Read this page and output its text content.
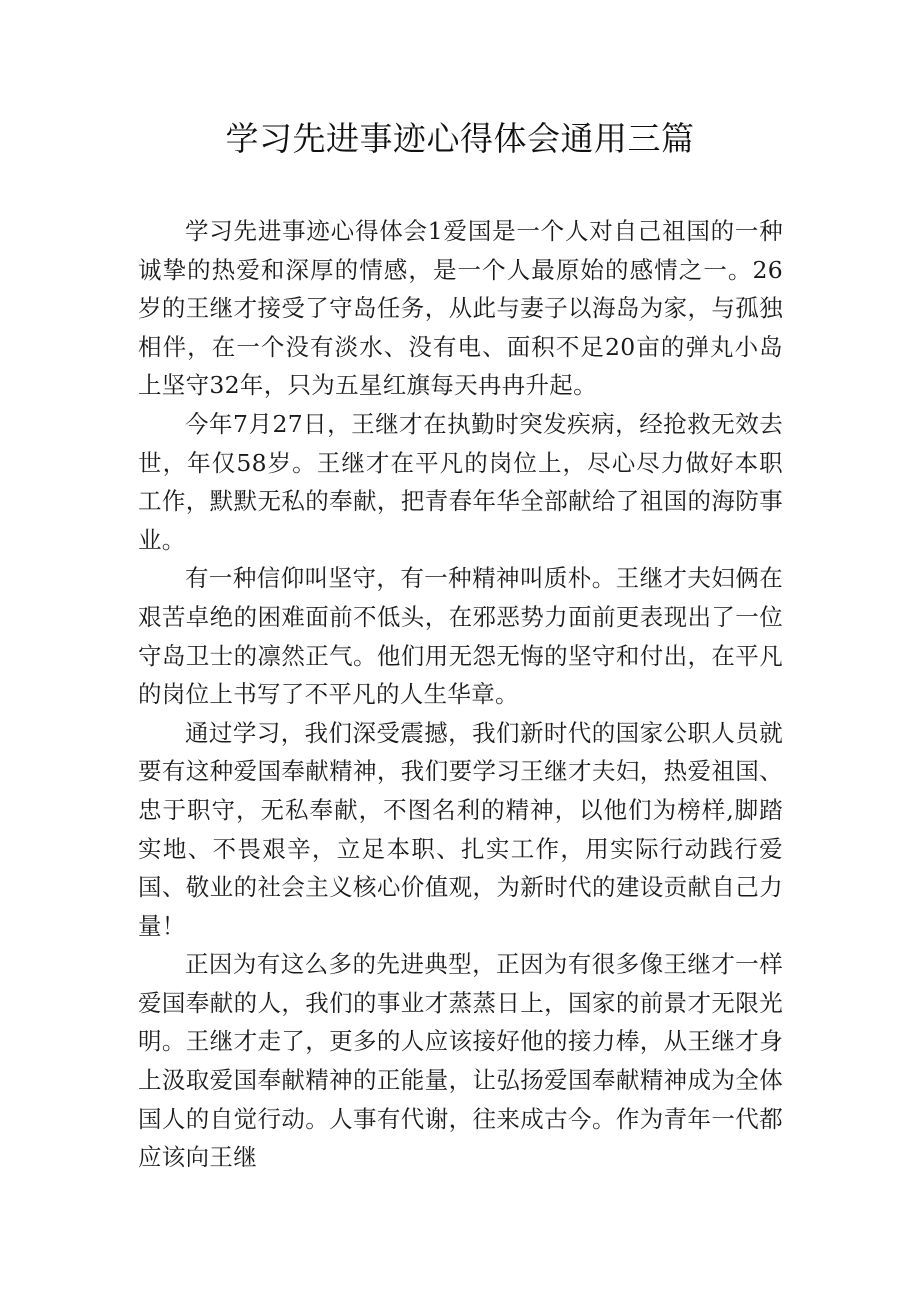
学习先进事迹心得体会通用三篇

学习先进事迹心得体会1爱国是一个人对自己祖国的一种诚挚的热爱和深厚的情感，是一个人最原始的感情之一。26岁的王继才接受了守岛任务，从此与妻子以海岛为家，与孤独相伴，在一个没有淡水、没有电、面积不足20亩的弹丸小岛上坚守32年，只为五星红旗每天冉冉升起。

今年7月27日，王继才在执勤时突发疾病，经抢救无效去世，年仅58岁。王继才在平凡的岗位上，尽心尽力做好本职工作，默默无私的奉献，把青春年华全部献给了祖国的海防事业。

有一种信仰叫坚守，有一种精神叫质朴。王继才夫妇俩在艰苦卓绝的困难面前不低头，在邪恶势力面前更表现出了一位守岛卫士的凛然正气。他们用无怨无悔的坚守和付出，在平凡的岗位上书写了不平凡的人生华章。

通过学习，我们深受震撼，我们新时代的国家公职人员就要有这种爱国奉献精神，我们要学习王继才夫妇，热爱祖国、忠于职守，无私奉献，不图名利的精神，以他们为榜样,脚踏实地、不畏艰辛，立足本职、扎实工作，用实际行动践行爱国、敬业的社会主义核心价值观，为新时代的建设贡献自己力量！

正因为有这么多的先进典型，正因为有很多像王继才一样爱国奉献的人，我们的事业才蒸蒸日上，国家的前景才无限光明。王继才走了，更多的人应该接好他的接力棒，从王继才身上汲取爱国奉献精神的正能量，让弘扬爱国奉献精神成为全体国人的自觉行动。人事有代谢，往来成古今。作为青年一代都应该向王继
